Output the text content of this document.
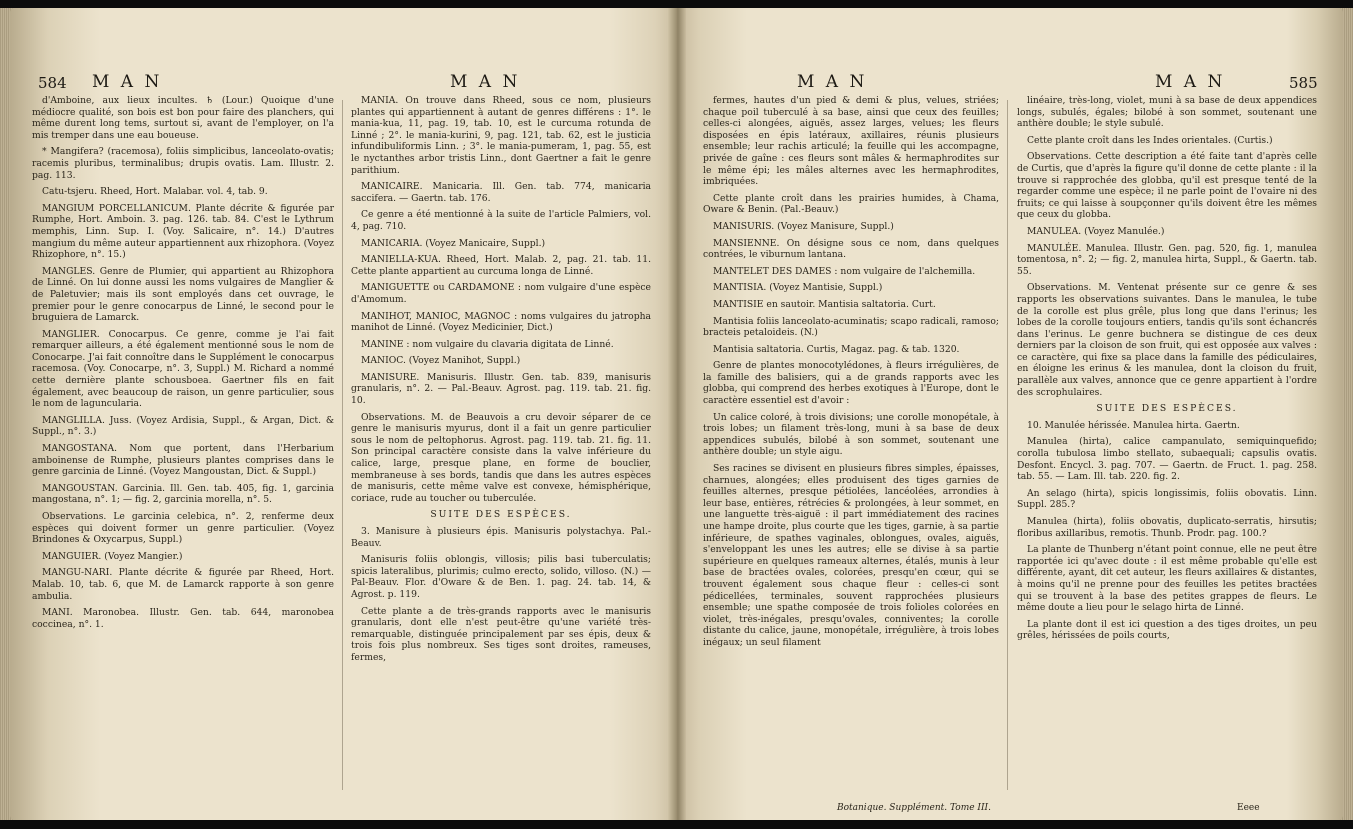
584 M A N	M A N

d'Amboine, aux lieux incultes. ♄ (Lour.) Quoique d'une médiocre qualité, son bois est bon pour faire des planchers, qui même durent long tems, surtout si, avant de l'employer, on l'a mis tremper dans une eau boueuse.

* Mangifera? (racemosa), foliis simplicibus, lanceolato-ovatis; racemis pluribus, terminalibus; drupis ovatis. Lam. Illustr. 2. pag. 113.

Catu-tsjeru. Rheed, Hort. Malabar. vol. 4, tab. 9.

MANGIUM PORCELLANICUM. Plante décrite & figurée par Rumphe, Hort. Amboin. 3. pag. 126. tab. 84. C'est le Lythrum memphis, Linn. Sup. I. (Voy. Salicaire, n°. 14.) D'autres mangium du même auteur appartiennent aux rhizophora. (Voyez Rhizophore, n°. 15.)

MANGLES. Genre de Plumier, qui appartient au Rhizophora de Linné. On lui donne aussi les noms vulgaires de Manglier & de Paletuvier; mais ils sont employés dans cet ouvrage, le premier pour le genre conocarpus de Linné, le second pour le bruguiera de Lamarck.

MANGLIER. Conocarpus. Ce genre, comme je l'ai fait remarquer ailleurs, a été également mentionné sous le nom de Conocarpe. J'ai fait connoître dans le Supplément le conocarpus racemosa. (Voy. Conocarpe, n°. 3, Suppl.) M. Richard a nommé cette dernière plante schousboea. Gaertner fils en fait également, avec beaucoup de raison, un genre particulier, sous le nom de laguncularia.

MANGLILLA. Juss. (Voyez Ardisia, Suppl., & Argan, Dict. & Suppl., n°. 3.)

MANGOSTANA. Nom que portent, dans l'Herbarium amboinense de Rumphe, plusieurs plantes comprises dans le genre garcinia de Linné. (Voyez Mangoustan, Dict. & Suppl.)

MANGOUSTAN. Garcinia. Ill. Gen. tab. 405, fig. 1, garcinia mangostana, n°. 1; — fig. 2, garcinia morella, n°. 5.

Observations. Le garcinia celebica, n°. 2, renferme deux espèces qui doivent former un genre particulier. (Voyez Brindones & Oxycarpus, Suppl.)

MANGUIER. (Voyez Mangier.)

MANGU-NARI. Plante décrite & figurée par Rheed, Hort. Malab. 10, tab. 6, que M. de Lamarck rapporte à son genre ambulia.

MANI. Maronobea. Illustr. Gen. tab. 644, maronobea coccinea, n°. 1.

MANIA. On trouve dans Rheed, sous ce nom, plusieurs plantes qui appartiennent à autant de genres différens : 1°. le mania-kua, 11, pag. 19, tab. 10, est le curcuma rotunda de Linné ; 2°. le mania-kurini, 9, pag. 121, tab. 62, est le justicia infundibuliformis Linn. ; 3°. le mania-pumeram, 1, pag. 55, est le nyctanthes arbor tristis Linn., dont Gaertner a fait le genre parithium.

MANICAIRE. Manicaria. Ill. Gen. tab. 774, manicaria saccifera. — Gaertn. tab. 176.

Ce genre a été mentionné à la suite de l'article Palmiers, vol. 4, pag. 710.

MANICARIA. (Voyez Manicaire, Suppl.)

MANIELLA-KUA. Rheed, Hort. Malab. 2, pag. 21. tab. 11. Cette plante appartient au curcuma longa de Linné.

MANIGUETTE ou CARDAMONE : nom vulgaire d'une espèce d'Amomum.

MANIHOT, MANIOC, MAGNOC : noms vulgaires du jatropha manihot de Linné. (Voyez Medicinier, Dict.)

MANINE : nom vulgaire du clavaria digitata de Linné.

MANIOC. (Voyez Manihot, Suppl.)

MANISURE. Manisuris. Illustr. Gen. tab. 839, manisuris granularis, n°. 2. — Pal.-Beauv. Agrost. pag. 119. tab. 21. fig. 10.

Observations. M. de Beauvois a cru devoir séparer de ce genre le manisuris myurus, dont il a fait un genre particulier sous le nom de peltophorus. Agrost. pag. 119. tab. 21. fig. 11. Son principal caractère consiste dans la valve inférieure du calice, large, presque plane, en forme de bouclier, membraneuse à ses bords, tandis que dans les autres espèces de manisuris, cette même valve est convexe, hémisphérique, coriace, rude au toucher ou tuberculée.

SUITE DES ESPÈCES.

3. Manisure à plusieurs épis. Manisuris polystachya. Pal.-Beauv.

Manisuris foliis oblongis, villosis; pilis basi tuberculatis; spicis lateralibus, plurimis; culmo erecto, solido, villoso. (N.) — Pal-Beauv. Flor. d'Oware & de Ben. 1. pag. 24. tab. 14, & Agrost. p. 119.

Cette plante a de très-grands rapports avec le manisuris granularis, dont elle n'est peut-être qu'une variété très-remarquable, distinguée principalement par ses épis, deux & trois fois plus nombreux. Ses tiges sont droites, rameuses, fermes,

M A N	M A N	585

fermes, hautes d'un pied & demi & plus, velues, striées; chaque poil tuberculé à sa base, ainsi que ceux des feuilles; celles-ci alongées, aiguës, assez larges, velues; les fleurs disposées en épis latéraux, axillaires, réunis plusieurs ensemble; leur rachis articulé; la feuille qui les accompagne, privée de gaîne : ces fleurs sont mâles & hermaphrodites sur le même épi; les mâles alternes avec les hermaphrodites, imbriquées.

Cette plante croît dans les prairies humides, à Chama, Oware & Benin. (Pal.-Beauv.)

MANISURIS. (Voyez Manisure, Suppl.)

MANSIENNE. On désigne sous ce nom, dans quelques contrées, le viburnum lantana.

MANTELET DES DAMES : nom vulgaire de l'alchemilla.

MANTISIA. (Voyez Mantisie, Suppl.)

MANTISIE en sautoir. Mantisia saltatoria. Curt.

Mantisia foliis lanceolato-acuminatis; scapo radicali, ramoso; bracteis petaloideis. (N.)

Mantisia saltatoria. Curtis, Magaz. pag. & tab. 1320.

Genre de plantes monocotylédones, à fleurs irrégulières, de la famille des balisiers, qui a de grands rapports avec les globba, qui comprend des herbes exotiques à l'Europe, dont le caractère essentiel est d'avoir :

Un calice coloré, à trois divisions; une corolle monopétale, à trois lobes; un filament très-long, muni à sa base de deux appendices subulés, bilobé à son sommet, soutenant une anthère double; un style aigu.

Ses racines se divisent en plusieurs fibres simples, épaisses, charnues, alongées; elles produisent des tiges garnies de feuilles alternes, presque pétiolées, lancéolées, arrondies à leur base, entières, rétrécies & prolongées, à leur sommet, en une languette très-aiguë : il part immédiatement des racines une hampe droite, plus courte que les tiges, garnie, à sa partie inférieure, de spathes vaginales, oblongues, ovales, aiguës, s'enveloppant les unes les autres; elle se divise à sa partie supérieure en quelques rameaux alternes, étalés, munis à leur base de bractées ovales, colorées, presqu'en cœur, qui se trouvent également sous chaque fleur : celles-ci sont pédicellées, terminales, souvent rapprochées plusieurs ensemble; une spathe composée de trois folioles colorées en violet, très-inégales, presqu'ovales, conniventes; la corolle distante du calice, jaune, monopétale, irrégulière, à trois lobes inégaux; un seul filament

linéaire, très-long, violet, muni à sa base de deux appendices longs, subulés, égales; bilobé à son sommet, soutenant une anthère double; le style subulé.

Cette plante croît dans les Indes orientales. (Curtis.)

Observations. Cette description a été faite tant d'après celle de Curtis, que d'après la figure qu'il donne de cette plante : il la trouve si rapprochée des globba, qu'il est presque tenté de la regarder comme une espèce; il ne parle point de l'ovaire ni des fruits; ce qui laisse à soupçonner qu'ils doivent être les mêmes que ceux du globba.

MANULEA. (Voyez Manulée.)

MANULÉE. Manulea. Illustr. Gen. pag. 520, fig. 1, manulea tomentosa, n°. 2; — fig. 2, manulea hirta, Suppl., & Gaertn. tab. 55.

Observations. M. Ventenat présente sur ce genre & ses rapports les observations suivantes. Dans le manulea, le tube de la corolle est plus grêle, plus long que dans l'erinus; les lobes de la corolle toujours entiers, tandis qu'ils sont échancrés dans l'erinus. Le genre buchnera se distingue de ces deux derniers par la cloison de son fruit, qui est opposée aux valves : ce caractère, qui fixe sa place dans la famille des pédiculaires, en éloigne les erinus & les manulea, dont la cloison du fruit, parallèle aux valves, annonce que ce genre appartient à l'ordre des scrophulaires.

SUITE DES ESPÈCES.

10. Manulée hérissée. Manulea hirta. Gaertn.

Manulea (hirta), calice campanulato, semiquinquefido; corolla tubulosa limbo stellato, subaequali; capsulis ovatis. Desfont. Encycl. 3. pag. 707. — Gaertn. de Fruct. 1. pag. 258. tab. 55. — Lam. Ill. tab. 220. fig. 2.

An selago (hirta), spicis longissimis, foliis obovatis. Linn. Suppl. 285.?

Manulea (hirta), foliis obovatis, duplicato-serratis, hirsutis; floribus axillaribus, remotis. Thunb. Prodr. pag. 100.?

La plante de Thunberg n'étant point connue, elle ne peut être rapportée ici qu'avec doute : il est même probable qu'elle est différente, ayant, dit cet auteur, les fleurs axillaires & distantes, à moins qu'il ne prenne pour des feuilles les petites bractées qui se trouvent à la base des petites grappes de fleurs. Le même doute a lieu pour le selago hirta de Linné.

La plante dont il est ici question a des tiges droites, un peu grêles, hérissées de poils courts,

Botanique. Supplément. Tome III.	Eeee
